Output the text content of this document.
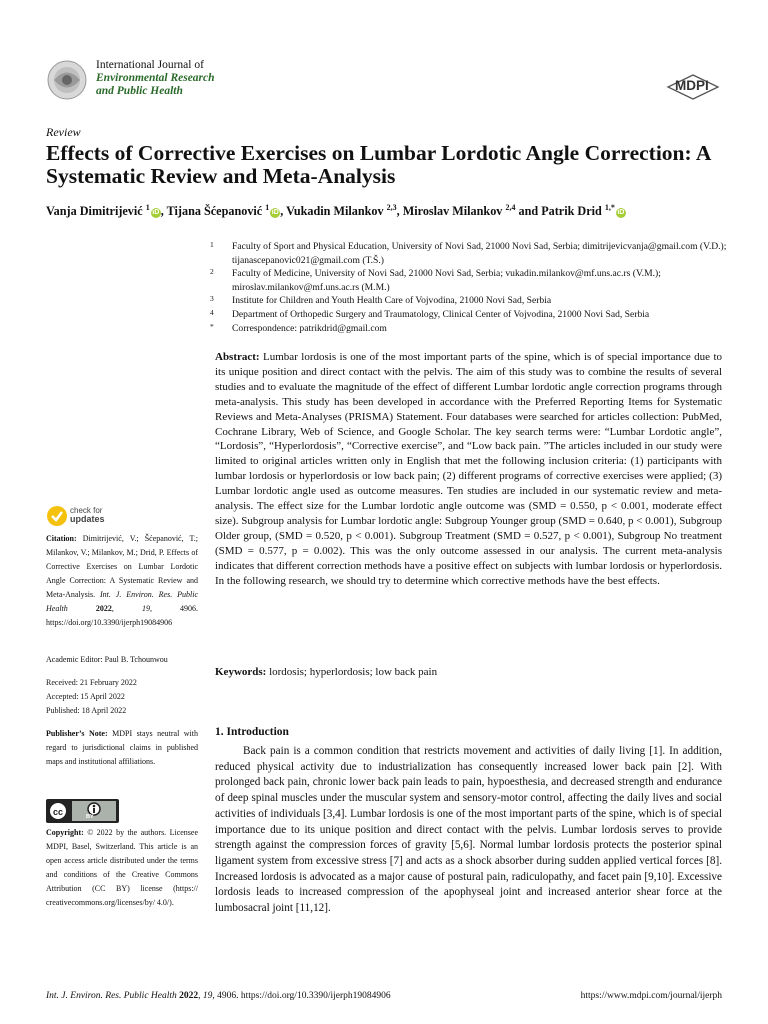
International Journal of
Environmental Research
and Public Health	MDPI
Review
Effects of Corrective Exercises on Lumbar Lordotic Angle Correction: A Systematic Review and Meta-Analysis
Vanja Dimitrijević $^1$iD , Tijana Šćepanović $^1$iD , Vukadin Milankov $^{2,3}$, Miroslav Milankov $^{2,4}$ and Patrik Drid $^{1,*}$iD
1 Faculty of Sport and Physical Education, University of Novi Sad, 21000 Novi Sad, Serbia; dimitrijevicvanja@gmail.com (V.D.); tijanascepanovic021@gmail.com (T.Š.)
2 Faculty of Medicine, University of Novi Sad, 21000 Novi Sad, Serbia; vukadin.milankov@mf.uns.ac.rs (V.M.); miroslav.milankov@mf.uns.ac.rs (M.M.)
3 Institute for Children and Youth Health Care of Vojvodina, 21000 Novi Sad, Serbia
4 Department of Orthopedic Surgery and Traumatology, Clinical Center of Vojvodina, 21000 Novi Sad, Serbia
* Correspondence: patrikdrid@gmail.com
Abstract: Lumbar lordosis is one of the most important parts of the spine, which is of special importance due to its unique position and direct contact with the pelvis. The aim of this study was to combine the results of several studies and to evaluate the magnitude of the effect of different Lumbar lordotic angle correction programs through meta-analysis. This study has been developed in accordance with the Preferred Reporting Items for Systematic Reviews and Meta-Analyses (PRISMA) Statement. Four databases were searched for articles collection: PubMed, Cochrane Library, Web of Science, and Google Scholar. The key search terms were: “Lumbar Lordotic angle”, “Lordosis”, “Hyperlordosis”, “Corrective exercise”, and “Low back pain. ”The articles included in our study were limited to original articles written only in English that met the following inclusion criteria: (1) participants with lumbar lordosis or hyperlordosis or low back pain; (2) different programs of corrective exercises were applied; (3) Lumbar lordotic angle used as outcome measures. Ten studies are included in our systematic review and meta-analysis. The effect size for the Lumbar lordotic angle outcome was (SMD = 0.550, p < 0.001, moderate effect size). Subgroup analysis for Lumbar lordotic angle: Subgroup Younger group (SMD = 0.640, p < 0.001), Subgroup Older group, (SMD = 0.520, p < 0.001). Subgroup Treatment (SMD = 0.527, p < 0.001), Subgroup No treatment (SMD = 0.577, p = 0.002). This was the only outcome assessed in our analysis. The current meta-analysis indicates that different correction methods have a positive effect on subjects with lumbar lordosis or hyperlordosis. In the following research, we should try to determine which corrective methods have the best effects.
Keywords: lordosis; hyperlordosis; low back pain
1. Introduction
Back pain is a common condition that restricts movement and activities of daily living [1]. In addition, reduced physical activity due to industrialization has consequently increased lower back pain [2]. With prolonged back pain, chronic lower back pain leads to pain, hypoesthesia, and decreased strength and endurance of deep spinal muscles under the muscular system and sensory-motor control, affecting the daily lives and social activities of individuals [3,4]. Lumbar lordosis is one of the most important parts of the spine, which is of special importance due to its unique position and direct contact with the pelvis. Lumbar lordosis serves to provide strength against the compression forces of gravity [5,6]. Normal lumbar lordosis protects the posterior spinal ligament system from excessive stress [7] and acts as a shock absorber during sudden applied vertical forces [8]. Increased lordosis is advocated as a major cause of postural pain, radiculopathy, and facet pain [9,10]. Excessive lordosis leads to increased compression of the apophyseal joint and increased anterior shear force at the lumbosacral joint [11,12].
check for
updates
Citation: Dimitrijević, V.; Šćepanović, T.; Milankov, V.; Milankov, M.; Drid, P. Effects of Corrective Exercises on Lumbar Lordotic Angle Correction: A Systematic Review and Meta-Analysis. Int. J. Environ. Res. Public Health	2022, 19, 4906. https://doi.org/10.3390/ijerph19084906
Academic Editor: Paul B. Tchounwou
Received: 21 February 2022
Accepted: 15 April 2022
Published: 18 April 2022
Publisher’s Note: MDPI stays neutral with regard to jurisdictional claims in published maps and institutional affiliations.
cc	BY
Copyright: © 2022 by the authors. Licensee MDPI, Basel, Switzerland. This article is an open access article distributed under the terms and conditions of the Creative Commons Attribution (CC BY) license (https:// creativecommons.org/licenses/by/ 4.0/).
Int. J. Environ. Res. Public Health 2022, 19, 4906. https://doi.org/10.3390/ijerph19084906	https://www.mdpi.com/journal/ijerph
